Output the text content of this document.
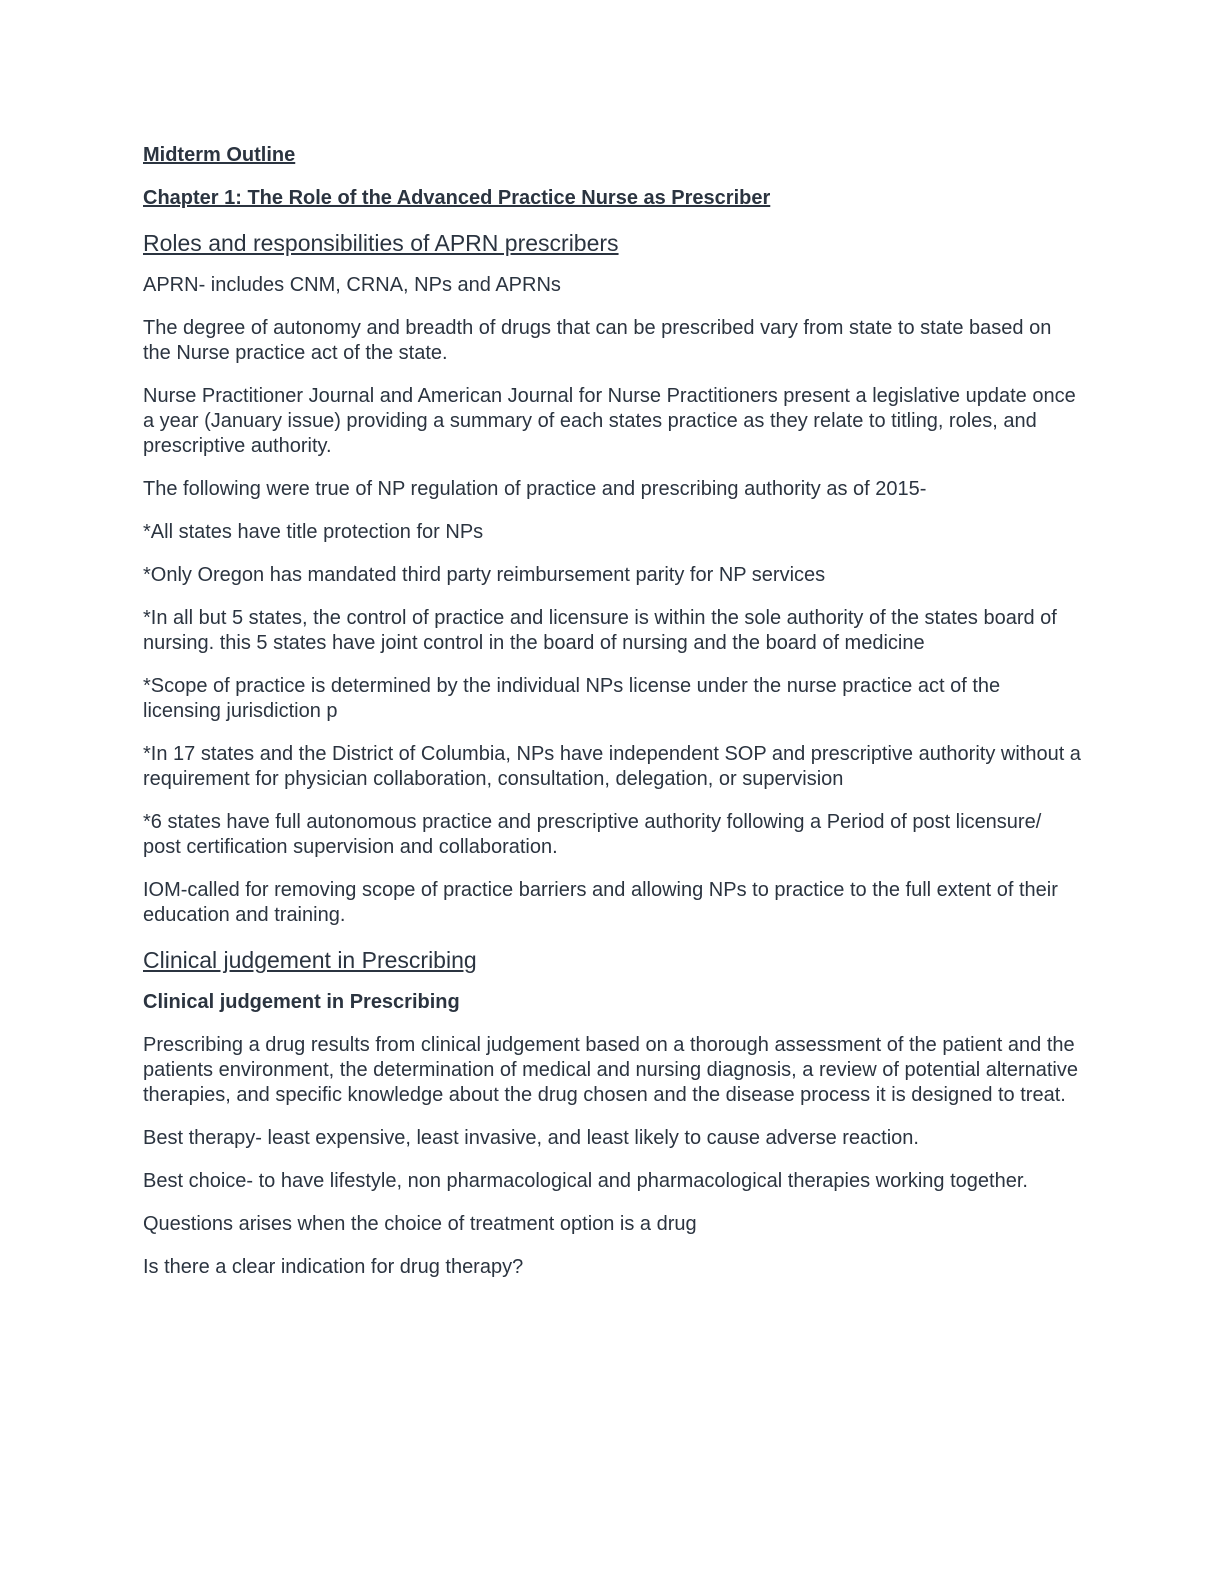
Midterm Outline

Chapter 1: The Role of the Advanced Practice Nurse as Prescriber

Roles and responsibilities of APRN prescribers

APRN- includes CNM, CRNA, NPs and APRNs

The degree of autonomy and breadth of drugs that can be prescribed vary from state to state based on the Nurse practice act of the state.

Nurse Practitioner Journal and American Journal for Nurse Practitioners present a legislative update once a year (January issue) providing a summary of each states practice as they relate to titling, roles, and prescriptive authority.

The following were true of NP regulation of practice and prescribing authority as of 2015-

*All states have title protection for NPs

*Only Oregon has mandated third party reimbursement parity for NP services

*In all but 5 states, the control of practice and licensure is within the sole authority of the states board of nursing. this 5 states have joint control in the board of nursing and the board of medicine

*Scope of practice is determined by the individual NPs license under the nurse practice act of the licensing jurisdiction p

*In 17 states and the District of Columbia, NPs have independent SOP and prescriptive authority without a requirement for physician collaboration, consultation, delegation, or supervision

*6 states have full autonomous practice and prescriptive authority following a Period of post licensure/ post certification supervision and collaboration.

IOM-called for removing scope of practice barriers and allowing NPs to practice to the full extent of their education and training.

Clinical judgement in Prescribing

Clinical judgement in Prescribing

Prescribing a drug results from clinical judgement based on a thorough assessment of the patient and the patients environment, the determination of medical and nursing diagnosis, a review of potential alternative therapies, and specific knowledge about the drug chosen and the disease process it is designed to treat.

Best therapy- least expensive, least invasive, and least likely to cause adverse reaction.

Best choice- to have lifestyle, non pharmacological and pharmacological therapies working together.

Questions arises when the choice of treatment option is a drug

Is there a clear indication for drug therapy?
